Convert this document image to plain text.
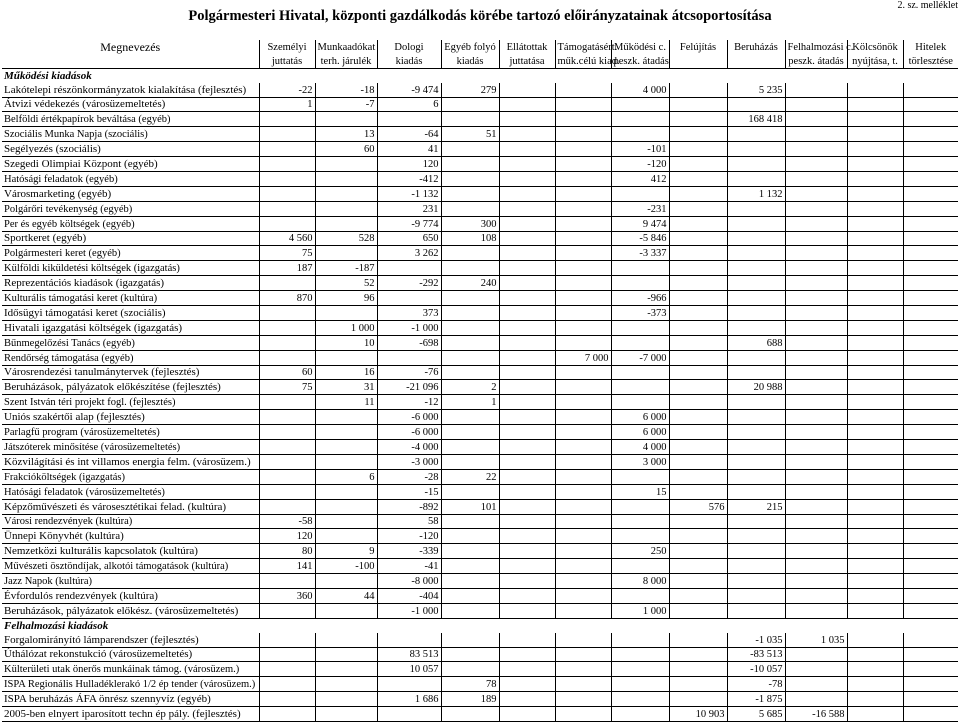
2. sz. melléklet
Polgármesteri Hivatal, központi gazdálkodás körébe tartozó előirányzatainak átcsoportosítása
Megnevezés	Személyi	Munkaadókat	Dologi	Egyéb folyó	Ellátottak	Támogatásért.	Működési c.	Felújítás	Beruházás	Felhalmozási c.	Kölcsönök	Hitelek
	juttatás	terh. járulék	kiadás	kiadás	juttatása	műk.célú kiad.	peszk. átadás			peszk. átadás	nyújtása, t.	törlesztése
Működési kiadások												
Lakótelepi részönkormányzatok kialakítása (fejlesztés)	-22	-18	-9 474	279			4 000		5 235			
Átvizi védekezés (városüzemeltetés)	1	-7	6									
Belföldi értékpapírok beváltása (egyéb)									168 418			
Szociális Munka Napja (szociális)		13	-64	51								
Segélyezés (szociális)		60	41				-101					
Szegedi Olimpiai Központ (egyéb)			120				-120					
Hatósági feladatok (egyéb)			-412				412					
Városmarketing (egyéb)			-1 132						1 132			
Polgárőri tevékenység (egyéb)			231				-231					
Per és egyéb költségek (egyéb)			-9 774	300			9 474					
Sportkeret (egyéb)	4 560	528	650	108			-5 846					
Polgármesteri keret (egyéb)	75		3 262				-3 337					
Külföldi kiküldetési költségek (igazgatás)	187	-187										
Reprezentációs kiadások (igazgatás)		52	-292	240								
Kulturális támogatási keret (kultúra)	870	96					-966					
Idősügyi támogatási keret (szociális)			373				-373					
Hivatali igazgatási költségek (igazgatás)		1 000	-1 000									
Bűnmegelőzési Tanács (egyéb)		10	-698						688			
Rendőrség támogatása (egyéb)						7 000	-7 000					
Városrendezési tanulmánytervek (fejlesztés)	60	16	-76									
Beruházások, pályázatok előkészítése (fejlesztés)	75	31	-21 096	2					20 988			
Szent István téri projekt fogl. (fejlesztés)		11	-12	1								
Uniós szakértői alap (fejlesztés)			-6 000				6 000					
Parlagfű program (városüzemeltetés)			-6 000				6 000					
Játszóterek minősítése (városüzemeltetés)			-4 000				4 000					
Közvilágítási és int villamos energia felm. (városüzem.)			-3 000				3 000					
Frakcióköltségek (igazgatás)		6	-28	22								
Hatósági feladatok (városüzemeltetés)			-15				15					
Képzőművészeti és városesztétikai felad. (kultúra)			-892	101				576	215			
Városi rendezvények (kultúra)	-58		58									
Ünnepi Könyvhét (kultúra)	120		-120									
Nemzetközi kulturális kapcsolatok (kultúra)	80	9	-339				250					
Művészeti ösztöndíjak, alkotói támogatások (kultúra)	141	-100	-41									
Jazz Napok (kultúra)			-8 000				8 000					
Évfordulós rendezvények (kultúra)	360	44	-404									
Beruházások, pályázatok előkész. (városüzemeltetés)			-1 000				1 000					
Felhalmozási kiadások												
Forgalomirányító lámparendszer (fejlesztés)									-1 035	1 035		
Úthálózat rekonstukció (városüzemeltetés)			83 513						-83 513			
Külterületi utak önerős munkáinak támog. (városüzem.)			10 057						-10 057			
ISPA Regionális Hulladéklerakó 1/2 ép tender (városüzem.)				78					-78			
ISPA beruházás ÁFA önrész szennyvíz (egyéb)			1 686	189					-1 875			
2005-ben elnyert iparosított techn ép pály. (fejlesztés)								10 903	5 685	-16 588		
